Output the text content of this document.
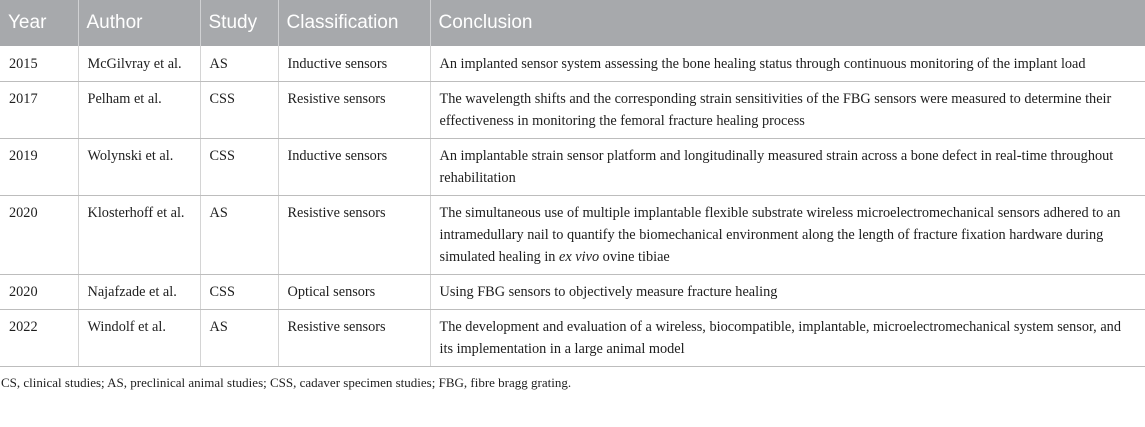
Year	Author	Study	Classification	Conclusion
2015	McGilvray et al.	AS	Inductive sensors	An implanted sensor system assessing the bone healing status through continuous monitoring of the implant load
2017	Pelham et al.	CSS	Resistive sensors	The wavelength shifts and the corresponding strain sensitivities of the FBG sensors were measured to determine their effectiveness in monitoring the femoral fracture healing process
2019	Wolynski et al.	CSS	Inductive sensors	An implantable strain sensor platform and longitudinally measured strain across a bone defect in real-time throughout rehabilitation
2020	Klosterhoff et al.	AS	Resistive sensors	The simultaneous use of multiple implantable flexible substrate wireless microelectromechanical sensors adhered to an intramedullary nail to quantify the biomechanical environment along the length of fracture fixation hardware during simulated healing in ex vivo ovine tibiae
2020	Najafzade et al.	CSS	Optical sensors	Using FBG sensors to objectively measure fracture healing
2022	Windolf et al.	AS	Resistive sensors	The development and evaluation of a wireless, biocompatible, implantable, microelectromechanical system sensor, and its implementation in a large animal model
CS, clinical studies; AS, preclinical animal studies; CSS, cadaver specimen studies; FBG, fibre bragg grating.
